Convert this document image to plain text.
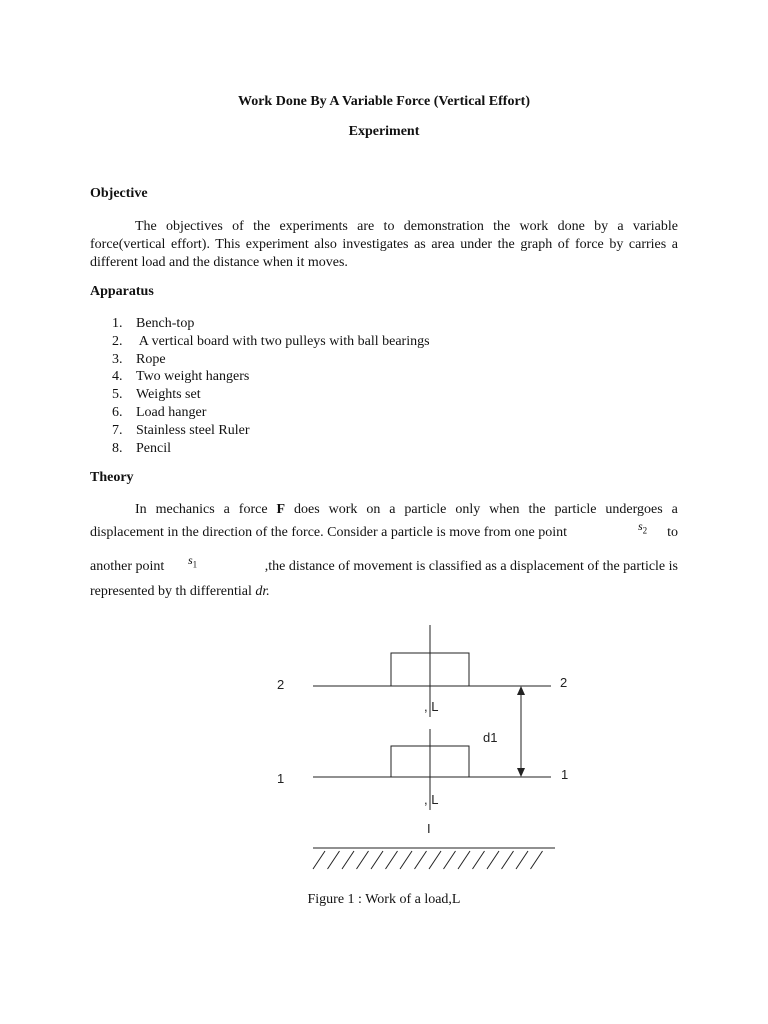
Work Done By A Variable Force (Vertical Effort)
Experiment
Objective
The objectives of the experiments are to demonstration the work done by a variable force(vertical effort). This experiment also investigates as area under the graph of force by carries a different load and the distance when it moves.
Apparatus
1. Bench-top
2. A vertical board with two pulleys with ball bearings
3. Rope
4. Two weight hangers
5. Weights set
6. Load hanger
7. Stainless steel Ruler
8. Pencil
Theory
In mechanics a force F does work on a particle only when the particle undergoes a
displacement in the direction of the force. Consider a particle is move from one point	to
$s_2$
another point	,the distance of movement is classified as a displacement of the particle is
$s_1$
represented by th differential dr.
2	2
1	1
, L
, L
d1
I
Figure 1 : Work of a load,L
